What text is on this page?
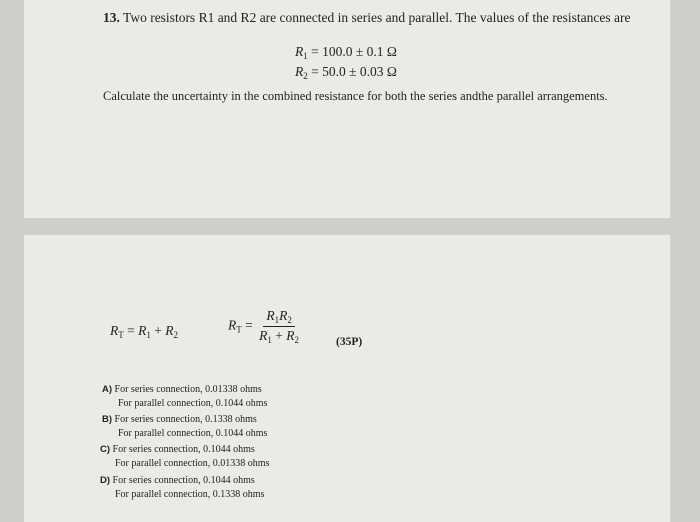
13. Two resistors R1 and R2 are connected in series and parallel. The values of the resistances are
$R_1 = 100.0 \pm 0.1$ Ω
$R_2 = 50.0 \pm 0.03$ Ω
Calculate the uncertainty in the combined resistance for both the series andthe parallel arrangements.
$R_T = R_1 + R_2$
$R_T = \frac{R_1R_2}{R_1 + R_2}$	(35P)
A) For series connection, 0.01338 ohms
For parallel connection, 0.1044 ohms
B) For series connection, 0.1338 ohms
For parallel connection, 0.1044 ohms
C) For series connection, 0.1044 ohms
For parallel connection, 0.01338 ohms
D) For series connection, 0.1044 ohms
For parallel connection, 0.1338 ohms
